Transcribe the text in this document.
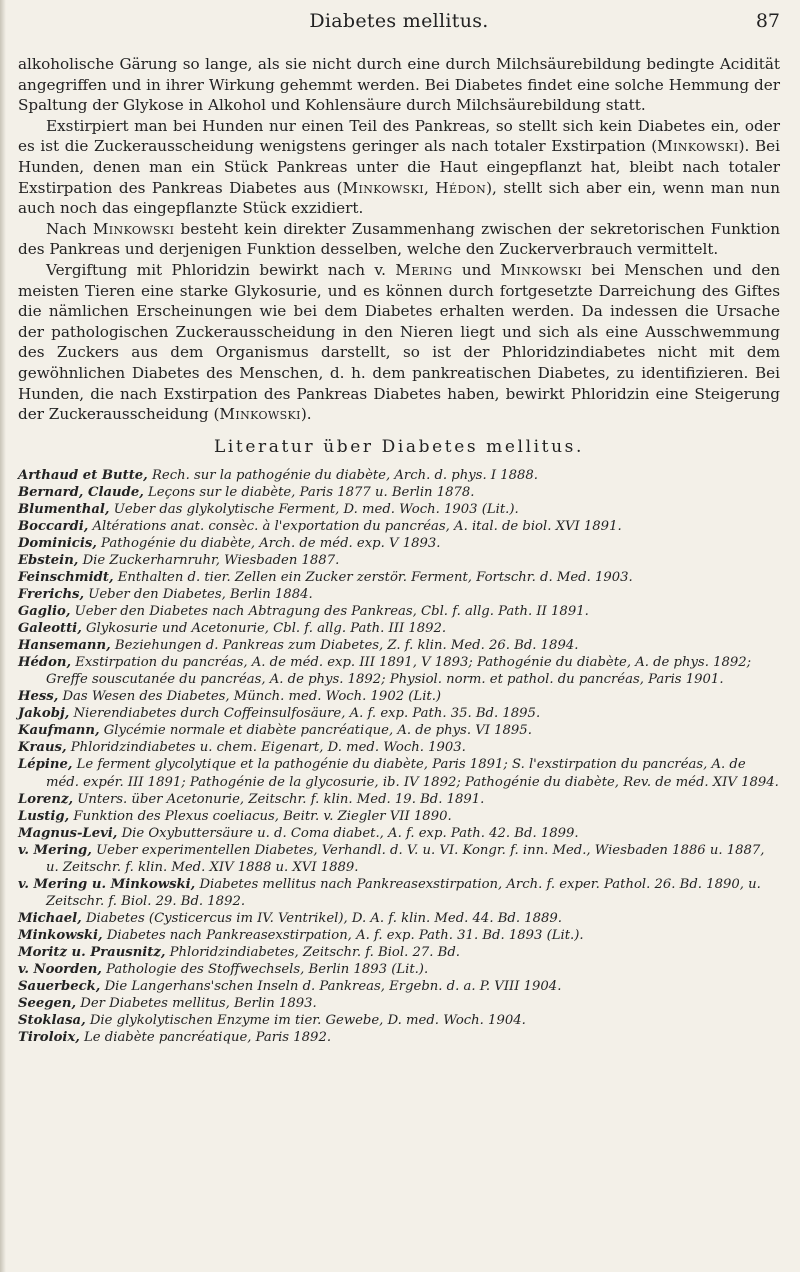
Diabetes mellitus.	87

alkoholische Gärung so lange, als sie nicht durch eine durch Milchsäurebildung bedingte Acidität angegriffen und in ihrer Wirkung gehemmt werden. Bei Diabetes findet eine solche Hemmung der Spaltung der Glykose in Alkohol und Kohlensäure durch Milchsäurebildung statt.

Exstirpiert man bei Hunden nur einen Teil des Pankreas, so stellt sich kein Diabetes ein, oder es ist die Zuckerausscheidung wenigstens geringer als nach totaler Exstirpation (Minkowski). Bei Hunden, denen man ein Stück Pankreas unter die Haut eingepflanzt hat, bleibt nach totaler Exstirpation des Pankreas Diabetes aus (Minkowski, Hédon), stellt sich aber ein, wenn man nun auch noch das eingepflanzte Stück exzidiert.

Nach Minkowski besteht kein direkter Zusammenhang zwischen der sekretorischen Funktion des Pankreas und derjenigen Funktion desselben, welche den Zuckerverbrauch vermittelt.

Vergiftung mit Phloridzin bewirkt nach v. Mering und Minkowski bei Menschen und den meisten Tieren eine starke Glykosurie, und es können durch fortgesetzte Darreichung des Giftes die nämlichen Erscheinungen wie bei dem Diabetes erhalten werden. Da indessen die Ursache der pathologischen Zuckerausscheidung in den Nieren liegt und sich als eine Ausschwemmung des Zuckers aus dem Organismus darstellt, so ist der Phloridzindiabetes nicht mit dem gewöhnlichen Diabetes des Menschen, d. h. dem pankreatischen Diabetes, zu identifizieren. Bei Hunden, die nach Exstirpation des Pankreas Diabetes haben, bewirkt Phloridzin eine Steigerung der Zuckerausscheidung (Minkowski).

Literatur über Diabetes mellitus.

Arthaud et Butte, Rech. sur la pathogénie du diabète, Arch. d. phys. I 1888.

Bernard, Claude, Leçons sur le diabète, Paris 1877 u. Berlin 1878.

Blumenthal, Ueber das glykolytische Ferment, D. med. Woch. 1903 (Lit.).

Boccardi, Altérations anat. consèc. à l'exportation du pancréas, A. ital. de biol. XVI 1891.

Dominicis, Pathogénie du diabète, Arch. de méd. exp. V 1893.

Ebstein, Die Zuckerharnruhr, Wiesbaden 1887.

Feinschmidt, Enthalten d. tier. Zellen ein Zucker zerstör. Ferment, Fortschr. d. Med. 1903.

Frerichs, Ueber den Diabetes, Berlin 1884.

Gaglio, Ueber den Diabetes nach Abtragung des Pankreas, Cbl. f. allg. Path. II 1891.

Galeotti, Glykosurie und Acetonurie, Cbl. f. allg. Path. III 1892.

Hansemann, Beziehungen d. Pankreas zum Diabetes, Z. f. klin. Med. 26. Bd. 1894.

Hédon, Exstirpation du pancréas, A. de méd. exp. III 1891, V 1893; Pathogénie du diabète, A. de phys. 1892; Greffe souscutanée du pancréas, A. de phys. 1892; Physiol. norm. et pathol. du pancréas, Paris 1901.

Hess, Das Wesen des Diabetes, Münch. med. Woch. 1902 (Lit.)

Jakobj, Nierendiabetes durch Coffeinsulfosäure, A. f. exp. Path. 35. Bd. 1895.

Kaufmann, Glycémie normale et diabète pancréatique, A. de phys. VI 1895.

Kraus, Phloridzindiabetes u. chem. Eigenart, D. med. Woch. 1903.

Lépine, Le ferment glycolytique et la pathogénie du diabète, Paris 1891; S. l'exstirpation du pancréas, A. de méd. expér. III 1891; Pathogénie de la glycosurie, ib. IV 1892; Pathogénie du diabète, Rev. de méd. XIV 1894.

Lorenz, Unters. über Acetonurie, Zeitschr. f. klin. Med. 19. Bd. 1891.

Lustig, Funktion des Plexus coeliacus, Beitr. v. Ziegler VII 1890.

Magnus-Levi, Die Oxybuttersäure u. d. Coma diabet., A. f. exp. Path. 42. Bd. 1899.

v. Mering, Ueber experimentellen Diabetes, Verhandl. d. V. u. VI. Kongr. f. inn. Med., Wiesbaden 1886 u. 1887, u. Zeitschr. f. klin. Med. XIV 1888 u. XVI 1889.

v. Mering u. Minkowski, Diabetes mellitus nach Pankreasexstirpation, Arch. f. exper. Pathol. 26. Bd. 1890, u. Zeitschr. f. Biol. 29. Bd. 1892.

Michael, Diabetes (Cysticercus im IV. Ventrikel), D. A. f. klin. Med. 44. Bd. 1889.

Minkowski, Diabetes nach Pankreasexstirpation, A. f. exp. Path. 31. Bd. 1893 (Lit.).

Moritz u. Prausnitz, Phloridzindiabetes, Zeitschr. f. Biol. 27. Bd.

v. Noorden, Pathologie des Stoffwechsels, Berlin 1893 (Lit.).

Sauerbeck, Die Langerhans'schen Inseln d. Pankreas, Ergebn. d. a. P. VIII 1904.

Seegen, Der Diabetes mellitus, Berlin 1893.

Stoklasa, Die glykolytischen Enzyme im tier. Gewebe, D. med. Woch. 1904.

Tiroloix, Le diabète pancréatique, Paris 1892.
